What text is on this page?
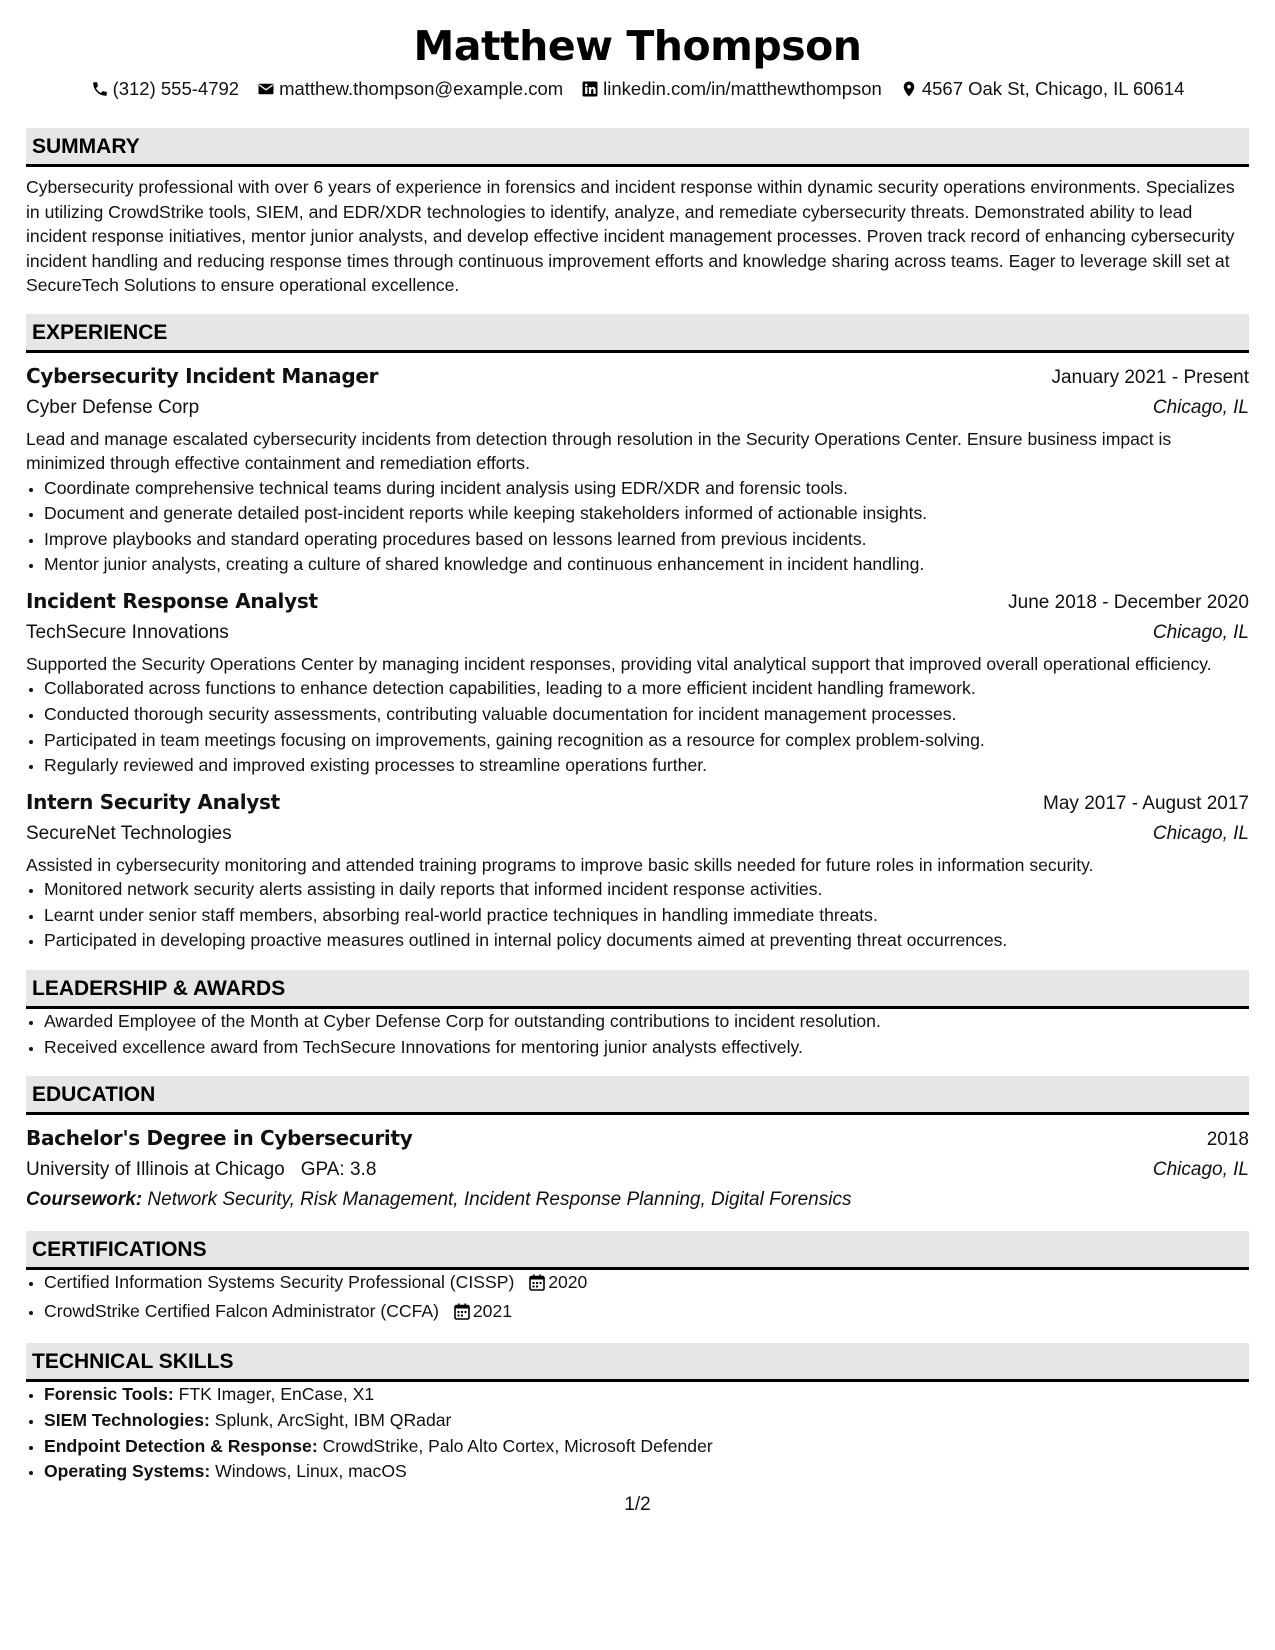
Matthew Thompson
(312) 555-4792 matthew.thompson@example.com linkedin.com/in/matthewthompson 4567 Oak St, Chicago, IL 60614
SUMMARY
Cybersecurity professional with over 6 years of experience in forensics and incident response within dynamic security operations environments. Specializes in utilizing CrowdStrike tools, SIEM, and EDR/XDR technologies to identify, analyze, and remediate cybersecurity threats. Demonstrated ability to lead incident response initiatives, mentor junior analysts, and develop effective incident management processes. Proven track record of enhancing cybersecurity incident handling and reducing response times through continuous improvement efforts and knowledge sharing across teams. Eager to leverage skill set at SecureTech Solutions to ensure operational excellence.
EXPERIENCE
Cybersecurity Incident Manager	January 2021 - Present
Cyber Defense Corp	Chicago, IL
Lead and manage escalated cybersecurity incidents from detection through resolution in the Security Operations Center. Ensure business impact is minimized through effective containment and remediation efforts.
• Coordinate comprehensive technical teams during incident analysis using EDR/XDR and forensic tools.
• Document and generate detailed post-incident reports while keeping stakeholders informed of actionable insights.
• Improve playbooks and standard operating procedures based on lessons learned from previous incidents.
• Mentor junior analysts, creating a culture of shared knowledge and continuous enhancement in incident handling.
Incident Response Analyst	June 2018 - December 2020
TechSecure Innovations	Chicago, IL
Supported the Security Operations Center by managing incident responses, providing vital analytical support that improved overall operational efficiency.
• Collaborated across functions to enhance detection capabilities, leading to a more efficient incident handling framework.
• Conducted thorough security assessments, contributing valuable documentation for incident management processes.
• Participated in team meetings focusing on improvements, gaining recognition as a resource for complex problem-solving.
• Regularly reviewed and improved existing processes to streamline operations further.
Intern Security Analyst	May 2017 - August 2017
SecureNet Technologies	Chicago, IL
Assisted in cybersecurity monitoring and attended training programs to improve basic skills needed for future roles in information security.
• Monitored network security alerts assisting in daily reports that informed incident response activities.
• Learnt under senior staff members, absorbing real-world practice techniques in handling immediate threats.
• Participated in developing proactive measures outlined in internal policy documents aimed at preventing threat occurrences.
LEADERSHIP & AWARDS
• Awarded Employee of the Month at Cyber Defense Corp for outstanding contributions to incident resolution.
• Received excellence award from TechSecure Innovations for mentoring junior analysts effectively.
EDUCATION
Bachelor's Degree in Cybersecurity	2018
University of Illinois at Chicago GPA: 3.8	Chicago, IL
Coursework: Network Security, Risk Management, Incident Response Planning, Digital Forensics
CERTIFICATIONS
• Certified Information Systems Security Professional (CISSP) 2020
• CrowdStrike Certified Falcon Administrator (CCFA) 2021
TECHNICAL SKILLS
• Forensic Tools: FTK Imager, EnCase, X1
• SIEM Technologies: Splunk, ArcSight, IBM QRadar
• Endpoint Detection & Response: CrowdStrike, Palo Alto Cortex, Microsoft Defender
• Operating Systems: Windows, Linux, macOS
1/2
